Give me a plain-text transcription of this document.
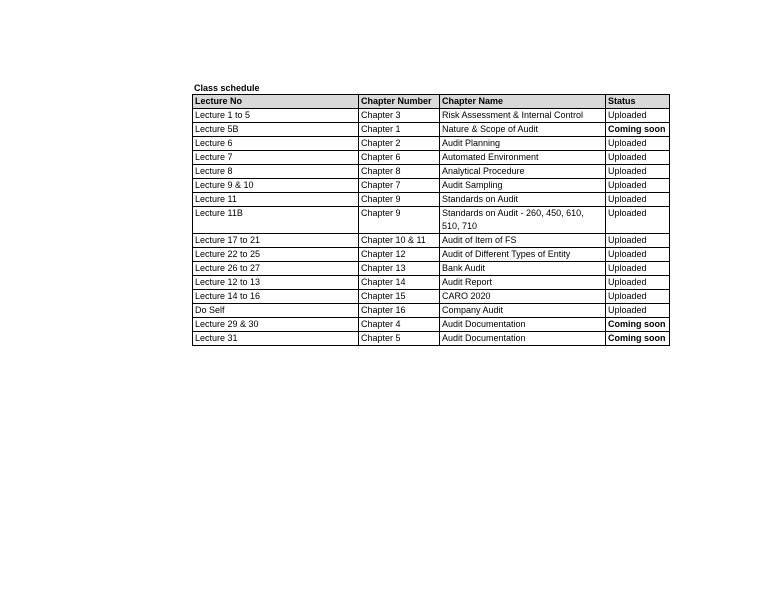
Class schedule
Lecture No	Chapter Number	Chapter Name	Status
Lecture 1 to 5	Chapter 3	Risk Assessment & Internal Control	Uploaded
Lecture 5B	Chapter 1	Nature & Scope of Audit	Coming soon
Lecture 6	Chapter 2	Audit Planning	Uploaded
Lecture 7	Chapter 6	Automated Environment	Uploaded
Lecture 8	Chapter 8	Analytical Procedure	Uploaded
Lecture 9 & 10	Chapter 7	Audit Sampling	Uploaded
Lecture 11	Chapter 9	Standards on Audit	Uploaded
Lecture 11B	Chapter 9	Standards on Audit - 260, 450, 610, 510, 710	Uploaded
Lecture 17 to 21	Chapter 10 & 11	Audit of Item of FS	Uploaded
Lecture 22 to 25	Chapter 12	Audit of Different Types of Entity	Uploaded
Lecture 26 to 27	Chapter 13	Bank Audit	Uploaded
Lecture 12 to 13	Chapter 14	Audit Report	Uploaded
Lecture 14 to 16	Chapter 15	CARO 2020	Uploaded
Do Self	Chapter 16	Company Audit	Uploaded
Lecture 29 & 30	Chapter 4	Audit Documentation	Coming soon
Lecture 31	Chapter 5	Audit Documentation	Coming soon
